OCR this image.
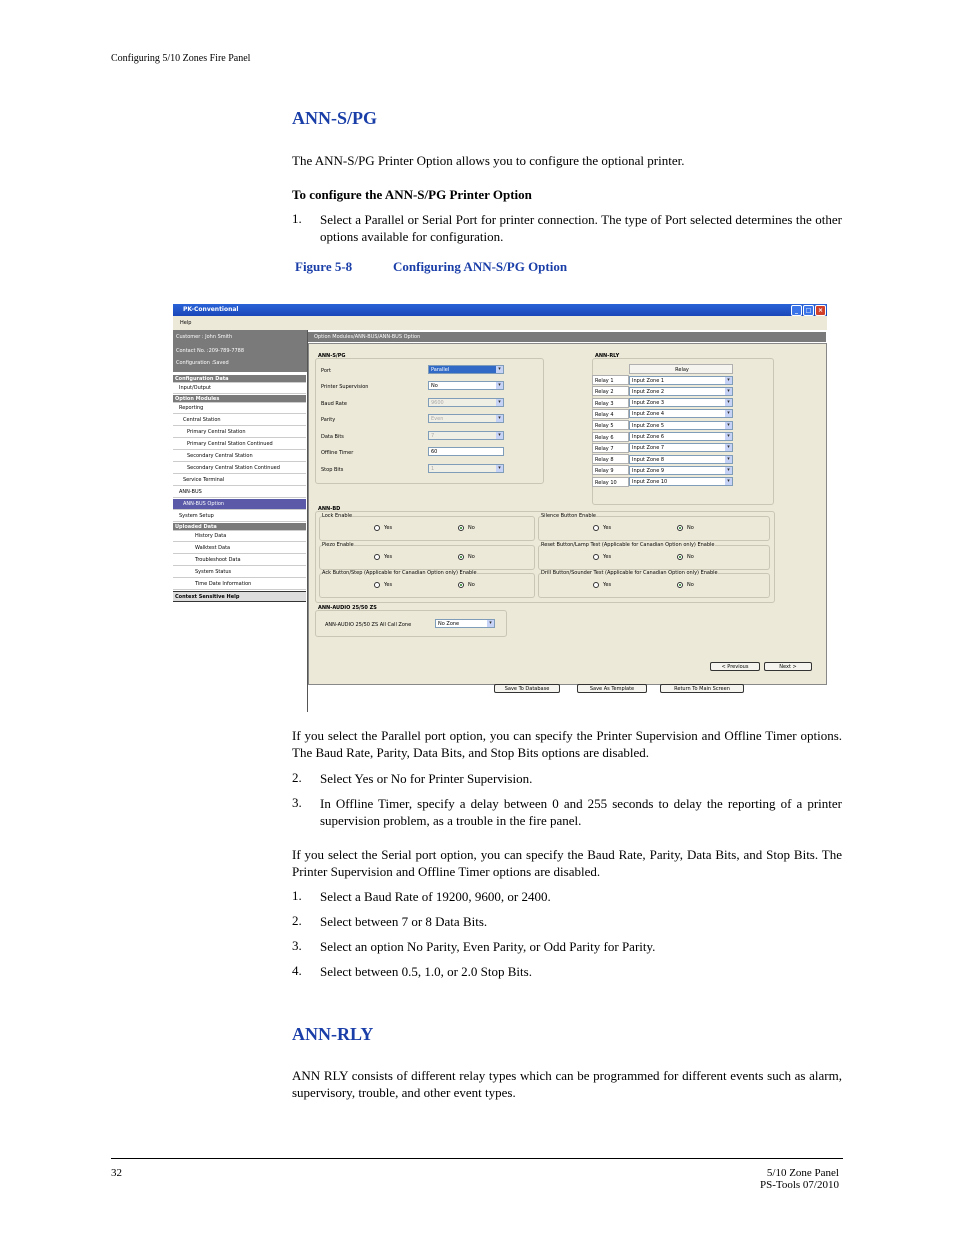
Configuring 5/10 Zones Fire Panel
ANN-S/PG
The ANN-S/PG Printer Option allows you to configure the optional printer.
To configure the ANN-S/PG Printer Option
1. Select a Parallel or Serial Port for printer connection. The type of Port selected determines the other options available for configuration.
Figure 5-8	Configuring ANN-S/PG Option
PK-Conventional	_	□	×
Help
Customer : John Smith
Contact No. :209-789-7788
Configuration :Saved
Configuration Data
Input/Output
Option Modules
Reporting
Central Station
Primary Central Station
Primary Central Station Continued
Secondary Central Station
Secondary Central Station Continued
Service Terminal
ANN-BUS
ANN-BUS Option
System Setup
Uploaded Data
History Data
Walktest Data
Troubleshoot Data
System Status
Time Date Information
Context Sensitive Help
Option Modules/ANN-BUS/ANN-BUS Option
ANN-S/PG
Port	Parallel	▾
Printer Supervision	No	▾
Baud Rate	9600	▾
Parity	Even	▾
Data Bits	7	▾
Offline Timer	60
Stop Bits	1	▾
ANN-RLY
Relay
Relay 1	Input Zone 1	▾
Relay 2	Input Zone 2	▾
Relay 3	Input Zone 3	▾
Relay 4	Input Zone 4	▾
Relay 5	Input Zone 5	▾
Relay 6	Input Zone 6	▾
Relay 7	Input Zone 7	▾
Relay 8	Input Zone 8	▾
Relay 9	Input Zone 9	▾
Relay 10	Input Zone 10	▾
ANN-BD
Lock Enable
Yes	No
Silence Button Enable
Yes	No
Piezo Enable
Yes	No
Reset Button/Lamp Test (Applicable for Canadian Option only) Enable
Yes	No
Ack Button/Step (Applicable for Canadian Option only) Enable
Yes	No
Drill Button/Sounder Test (Applicable for Canadian Option only) Enable
Yes	No
ANN-AUDIO 25/50 ZS
ANN-AUDIO 25/50 ZS All Call Zone	No Zone	▾
< Previous	Next >
Save To Database	Save As Template	Return To Main Screen
If you select the Parallel port option, you can specify the Printer Supervision and Offline Timer options. The Baud Rate, Parity, Data Bits, and Stop Bits options are disabled.
2. Select Yes or No for Printer Supervision.
3. In Offline Timer, specify a delay between 0 and 255 seconds to delay the reporting of a printer supervision problem, as a trouble in the fire panel.
If you select the Serial port option, you can specify the Baud Rate, Parity, Data Bits, and Stop Bits. The Printer Supervision and Offline Timer options are disabled.
1. Select a Baud Rate of 19200, 9600, or 2400.
2. Select between 7 or 8 Data Bits.
3. Select an option No Parity, Even Parity, or Odd Parity for Parity.
4. Select between 0.5, 1.0, or 2.0 Stop Bits.
ANN-RLY
ANN RLY consists of different relay types which can be programmed for different events such as alarm, supervisory, trouble, and other event types.
32	5/10 Zone Panel
PS-Tools 07/2010
